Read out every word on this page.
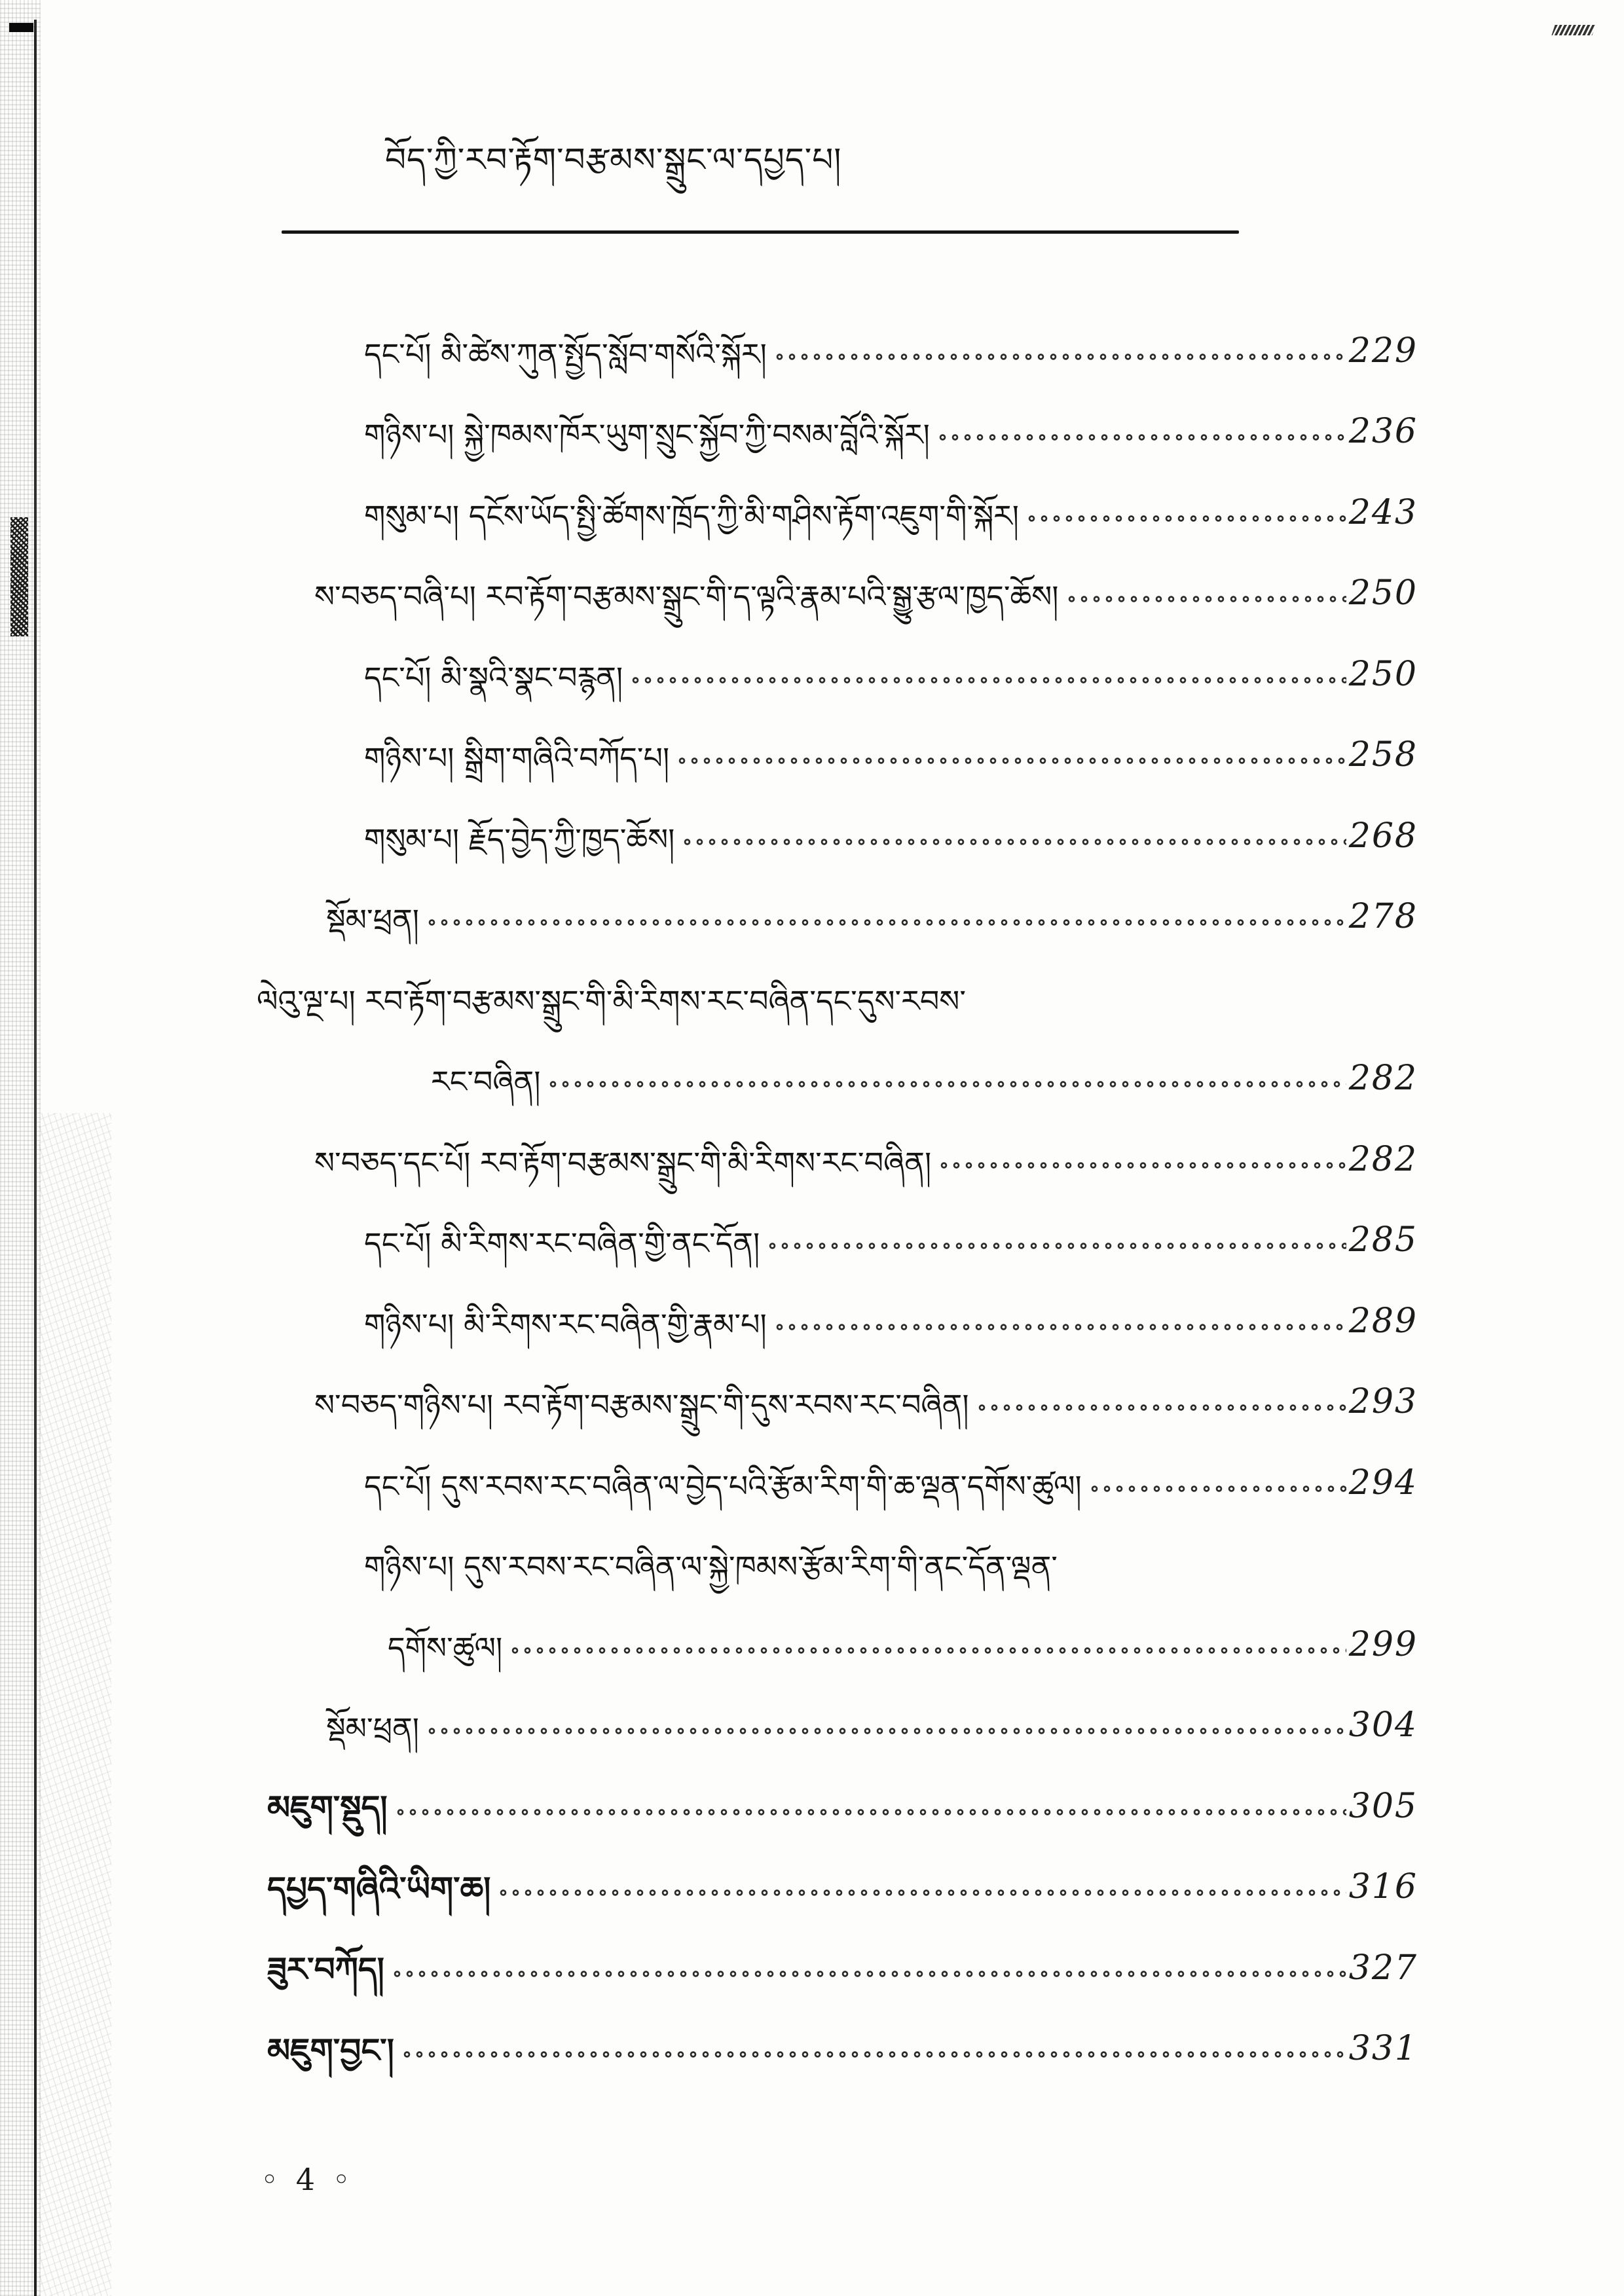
བོད་ཀྱི་རབ་རྟོག་བརྩམས་སྒྲུང་ལ་དཔྱད་པ།
དང་པོ། མི་ཚེས་ཀུན་སྤྱོད་སློབ་གསོའི་སྐོར།	229
གཉིས་པ། སྐྱེ་ཁམས་ཁོར་ཡུག་སྲུང་སྐྱོབ་ཀྱི་བསམ་བློའི་སྐོར།	236
གསུམ་པ། དངོས་ཡོད་སྤྱི་ཚོགས་ཁྲོད་ཀྱི་མི་གཤིས་རྟོག་འཇུག་གི་སྐོར།	243
ས་བཅད་བཞི་པ། རབ་རྟོག་བརྩམས་སྒྲུང་གི་ད་ལྟའི་རྣམ་པའི་སྒྱུ་རྩལ་ཁྱད་ཆོས།	250
དང་པོ། མི་སྣའི་སྣང་བརྙན།	250
གཉིས་པ། སྒྲིག་གཞིའི་བཀོད་པ།	258
གསུམ་པ། རྗོད་བྱེད་ཀྱི་ཁྱད་ཆོས།	268
སྡོམ་ཕྲན།	278
ལེའུ་ལྔ་པ། རབ་རྟོག་བརྩམས་སྒྲུང་གི་མི་རིགས་རང་བཞིན་དང་དུས་རབས་
རང་བཞིན།	282
ས་བཅད་དང་པོ། རབ་རྟོག་བརྩམས་སྒྲུང་གི་མི་རིགས་རང་བཞིན།	282
དང་པོ། མི་རིགས་རང་བཞིན་གྱི་ནང་དོན།	285
གཉིས་པ། མི་རིགས་རང་བཞིན་གྱི་རྣམ་པ།	289
ས་བཅད་གཉིས་པ། རབ་རྟོག་བརྩམས་སྒྲུང་གི་དུས་རབས་རང་བཞིན།	293
དང་པོ། དུས་རབས་རང་བཞིན་ལ་བྱེད་པའི་རྩོམ་རིག་གི་ཆ་ལྡན་དགོས་ཚུལ།	294
གཉིས་པ། དུས་རབས་རང་བཞིན་ལ་སྐྱེ་ཁམས་རྩོམ་རིག་གི་ནང་དོན་ལྡན་
དགོས་ཚུལ།	299
སྡོམ་ཕྲན།	304
མཇུག་སྡུད།	305
དཔྱད་གཞིའི་ཡིག་ཆ།	316
ཟུར་བཀོད།	327
མཇུག་བྱང་།	331
◦ 4 ◦
